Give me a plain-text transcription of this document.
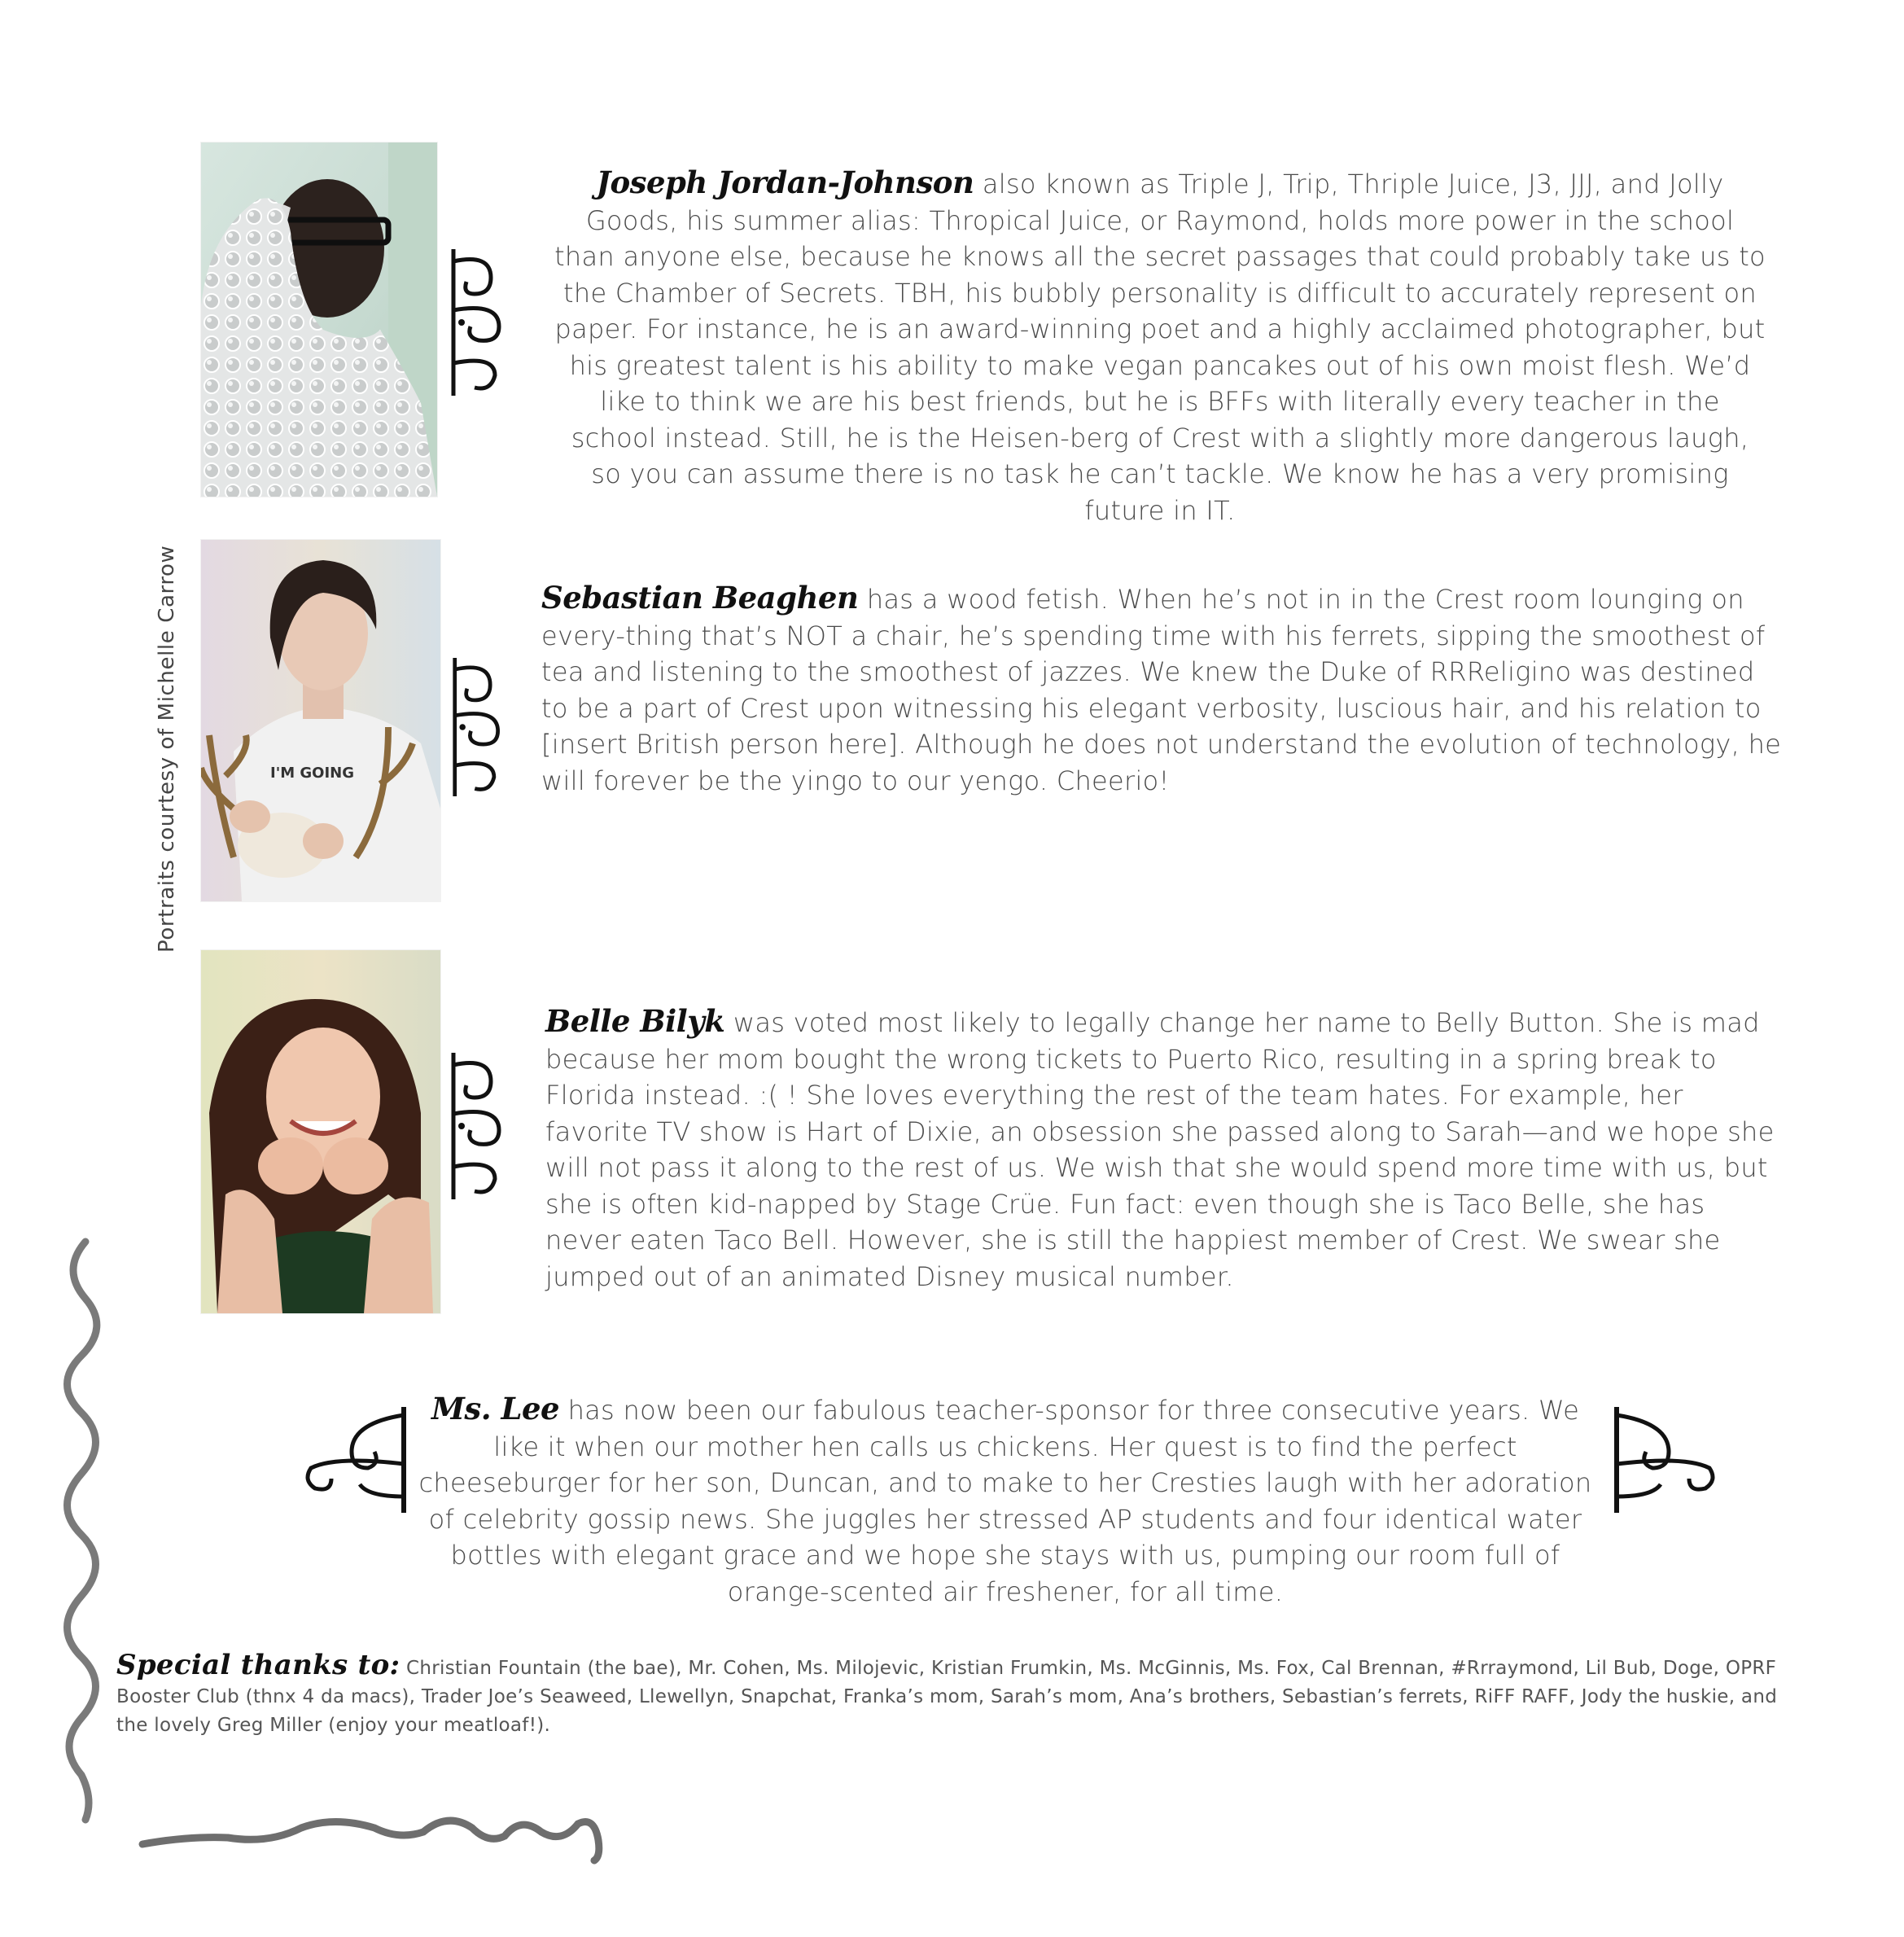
Portraits courtesy of Michelle Carrow	I'M GOING
Joseph Jordan-Johnson also known as Triple J, Trip, Thriple Juice, J3, JJJ, and Jolly Goods, his summer alias: Thropical Juice, or Raymond, holds more power in the school than anyone else, because he knows all the secret passages that could probably take us to the Chamber of Secrets. TBH, his bubbly personality is difficult to accurately represent on paper. For instance, he is an award-winning poet and a highly acclaimed photographer, but his greatest talent is his ability to make vegan pancakes out of his own moist flesh. We’d like to think we are his best friends, but he is BFFs with literally every teacher in the school instead. Still, he is the Heisen-berg of Crest with a slightly more dangerous laugh, so you can assume there is no task he can’t tackle. We know he has a very promising future in IT.
Sebastian Beaghen has a wood fetish. When he’s not in in the Crest room lounging on every-thing that’s NOT a chair, he’s spending time with his ferrets, sipping the smoothest of tea and listening to the smoothest of jazzes. We knew the Duke of RRReligino was destined to be a part of Crest upon witnessing his elegant verbosity, luscious hair, and his relation to [insert British person here]. Although he does not understand the evolution of technology, he will forever be the yingo to our yengo. Cheerio!
Belle Bilyk was voted most likely to legally change her name to Belly Button. She is mad because her mom bought the wrong tickets to Puerto Rico, resulting in a spring break to Florida instead. :( ! She loves everything the rest of the team hates. For example, her favorite TV show is Hart of Dixie, an obsession she passed along to Sarah—and we hope she will not pass it along to the rest of us. We wish that she would spend more time with us, but she is often kid-napped by Stage Crüe. Fun fact: even though she is Taco Belle, she has never eaten Taco Bell. However, she is still the happiest member of Crest. We swear she jumped out of an animated Disney musical number.
Ms. Lee has now been our fabulous teacher-sponsor for three consecutive years. We like it when our mother hen calls us chickens. Her quest is to find the perfect cheeseburger for her son, Duncan, and to make to her Cresties laugh with her adoration of celebrity gossip news. She juggles her stressed AP students and four identical water bottles with elegant grace and we hope she stays with us, pumping our room full of orange-scented air freshener, for all time.
Special thanks to: Christian Fountain (the bae), Mr. Cohen, Ms. Milojevic, Kristian Frumkin, Ms. McGinnis, Ms. Fox, Cal Brennan, #Rrraymond, Lil Bub, Doge, OPRF Booster Club (thnx 4 da macs), Trader Joe’s Seaweed, Llewellyn, Snapchat, Franka’s mom, Sarah’s mom, Ana’s brothers, Sebastian’s ferrets, RiFF RAFF, Jody the huskie, and the lovely Greg Miller (enjoy your meatloaf!).
